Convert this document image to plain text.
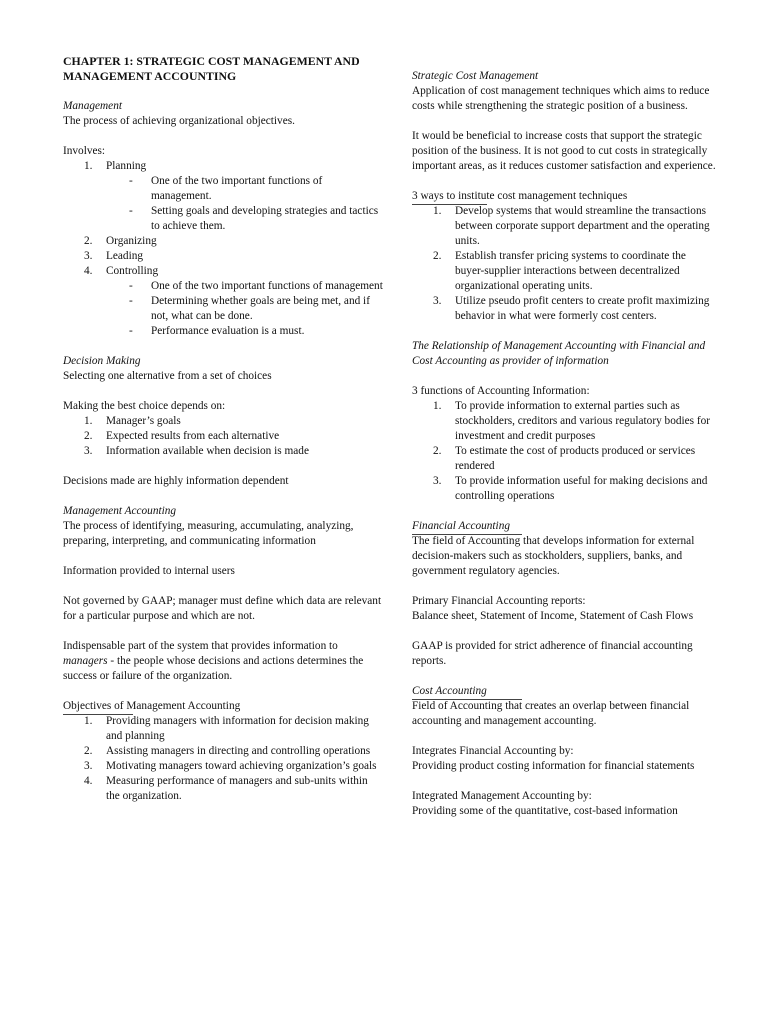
CHAPTER 1: STRATEGIC COST MANAGEMENT AND MANAGEMENT ACCOUNTING

Management

The process of achieving organizational objectives.

Involves:

1. Planning
- One of the two important functions of management.
- Setting goals and developing strategies and tactics to achieve them.
2. Organizing
3. Leading
4. Controlling
- One of the two important functions of management
- Determining whether goals are being met, and if not, what can be done.
- Performance evaluation is a must.

Decision Making

Selecting one alternative from a set of choices

Making the best choice depends on:

1. Manager’s goals
2. Expected results from each alternative
3. Information available when decision is made

Decisions made are highly information dependent

Management Accounting

The process of identifying, measuring, accumulating, analyzing, preparing, interpreting, and communicating information

Information provided to internal users

Not governed by GAAP; manager must define which data are relevant for a particular purpose and which are not.

Indispensable part of the system that provides information to managers - the people whose decisions and actions determines the success or failure of the organization.

Objectives of Management Accounting

1. Providing managers with information for decision making and planning
2. Assisting managers in directing and controlling operations
3. Motivating managers toward achieving organization’s goals
4. Measuring performance of managers and sub-units within the organization.

Strategic Cost Management

Application of cost management techniques which aims to reduce costs while strengthening the strategic position of a business.

It would be beneficial to increase costs that support the strategic position of the business. It is not good to cut costs in strategically important areas, as it reduces customer satisfaction and experience.

3 ways to institute cost management techniques

1. Develop systems that would streamline the transactions between corporate support department and the operating units.
2. Establish transfer pricing systems to coordinate the buyer-supplier interactions between decentralized organizational operating units.
3. Utilize pseudo profit centers to create profit maximizing behavior in what were formerly cost centers.

The Relationship of Management Accounting with Financial and Cost Accounting as provider of information

3 functions of Accounting Information:

1. To provide information to external parties such as stockholders, creditors and various regulatory bodies for investment and credit purposes
2. To estimate the cost of products produced or services rendered
3. To provide information useful for making decisions and controlling operations

Financial Accounting

The field of Accounting that develops information for external decision-makers such as stockholders, suppliers, banks, and government regulatory agencies.

Primary Financial Accounting reports:

Balance sheet, Statement of Income, Statement of Cash Flows

GAAP is provided for strict adherence of financial accounting reports.

Cost Accounting

Field of Accounting that creates an overlap between financial accounting and management accounting.

Integrates Financial Accounting by:

Providing product costing information for financial statements

Integrated Management Accounting by:

Providing some of the quantitative, cost-based information
